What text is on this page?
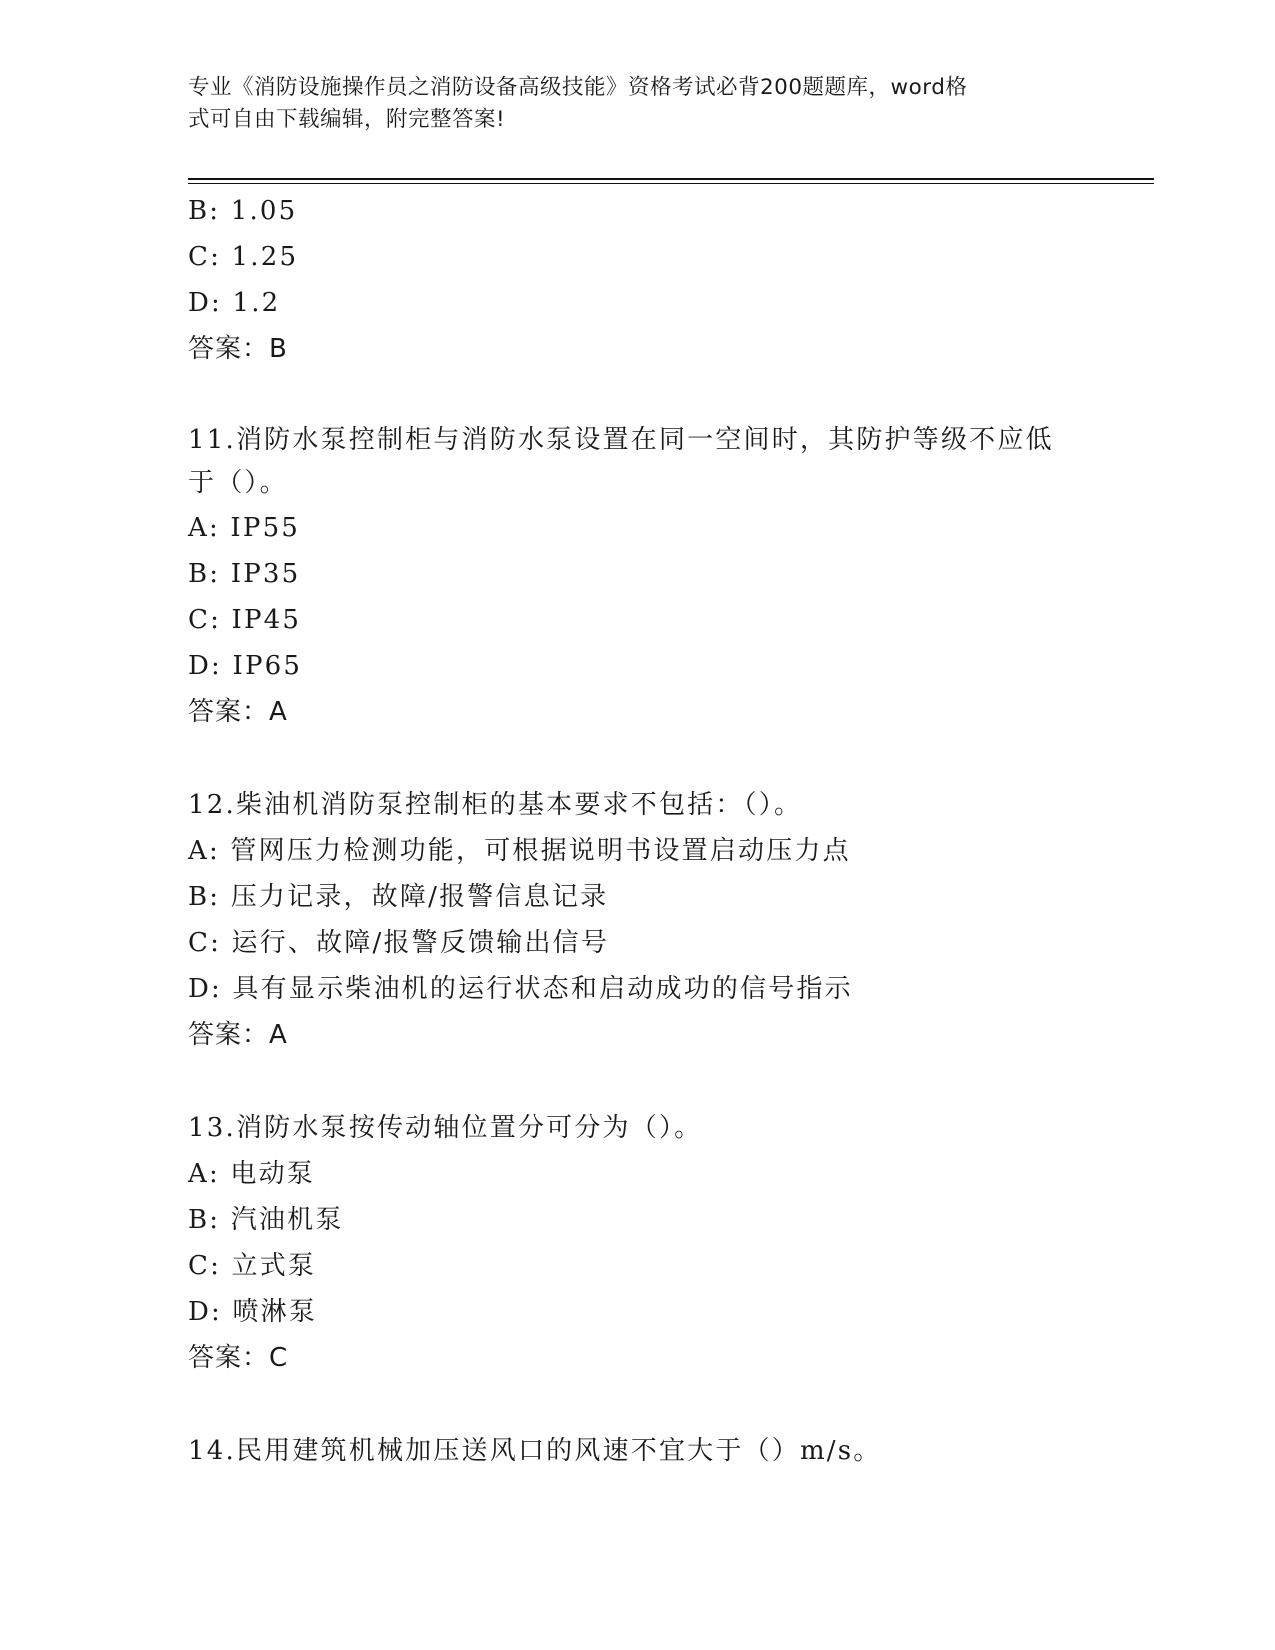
专业《消防设施操作员之消防设备高级技能》资格考试必背200题题库，word格
式可自由下载编辑，附完整答案!
B: 1.05
C: 1.25
D: 1.2
答案：B
11.消防水泵控制柜与消防水泵设置在同一空间时，其防护等级不应低
于（）。
A: IP55
B: IP35
C: IP45
D: IP65
答案：A
12.柴油机消防泵控制柜的基本要求不包括：（）。
A: 管网压力检测功能，可根据说明书设置启动压力点
B: 压力记录，故障/报警信息记录
C: 运行、故障/报警反馈输出信号
D: 具有显示柴油机的运行状态和启动成功的信号指示
答案：A
13.消防水泵按传动轴位置分可分为（）。
A: 电动泵
B: 汽油机泵
C: 立式泵
D: 喷淋泵
答案：C
14.民用建筑机械加压送风口的风速不宜大于（）m/s。
